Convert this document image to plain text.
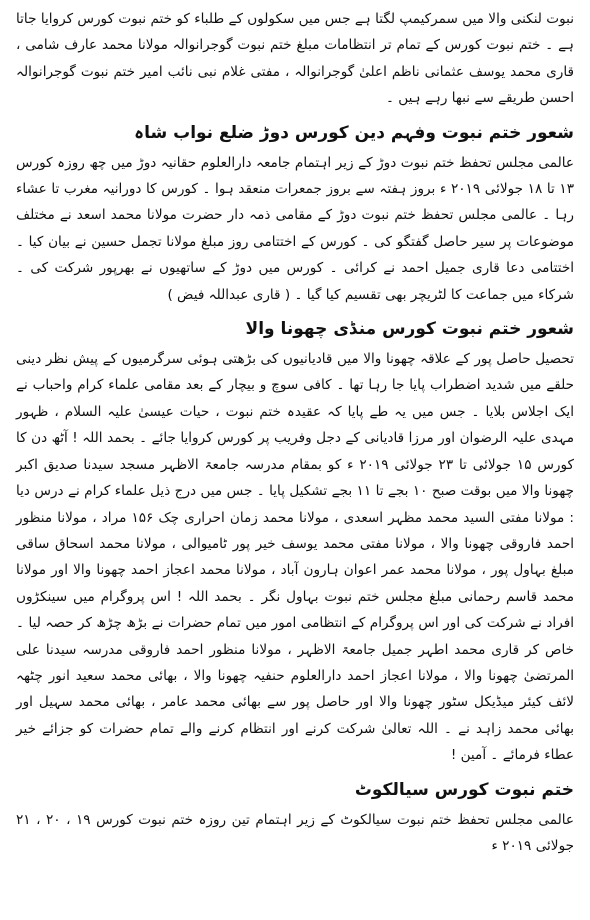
نبوت لنکنی والا میں سمرکیمپ لگتا ہے جس میں سکولوں کے طلباء کو ختم نبوت کورس کروایا جاتا ہے ۔ ختم نبوت کورس کے تمام تر انتظامات مبلغ ختم نبوت گوجرانوالہ مولانا محمد عارف شامی ، قاری محمد یوسف عثمانی ناظم اعلیٰ گوجرانوالہ ، مفتی غلام نبی نائب امیر ختم نبوت گوجرانوالہ احسن طریقے سے نبھا رہے ہیں ۔

شعور ختم نبوت وفہم دین کورس دوڑ ضلع نواب شاہ

عالمی مجلس تحفظ ختم نبوت دوڑ کے زیر اہتمام جامعہ دارالعلوم حقانیہ دوڑ میں چھ روزہ کورس ۱۳ تا ۱۸ جولائی ۲۰۱۹ ء بروز ہفتہ سے بروز جمعرات منعقد ہوا ۔ کورس کا دورانیہ مغرب تا عشاء رہا ۔ عالمی مجلس تحفظ ختم نبوت دوڑ کے مقامی ذمہ دار حضرت مولانا محمد اسعد نے مختلف موضوعات پر سیر حاصل گفتگو کی ۔ کورس کے اختتامی روز مبلغ مولانا تجمل حسین نے بیان کیا ۔ اختتامی دعا قاری جمیل احمد نے کرائی ۔ کورس میں دوڑ کے ساتھیوں نے بھرپور شرکت کی ۔ شرکاء میں جماعت کا لٹریچر بھی تقسیم کیا گیا ۔ ( قاری عبداللہ فیض )

شعور ختم نبوت کورس منڈی چھونا والا

تحصیل حاصل پور کے علاقہ چھونا والا میں قادیانیوں کی بڑھتی ہوئی سرگرمیوں کے پیش نظر دینی حلقے میں شدید اضطراب پایا جا رہا تھا ۔ کافی سوچ و بیچار کے بعد مقامی علماء کرام واحباب نے ایک اجلاس بلایا ۔ جس میں یہ طے پایا کہ عقیدہ ختم نبوت ، حیات عیسیٰ علیہ السلام ، ظہور مہدی علیہ الرضوان اور مرزا قادیانی کے دجل وفریب پر کورس کروایا جائے ۔ بحمد اللہ ! آٹھ دن کا کورس ۱۵ جولائی تا ۲۳ جولائی ۲۰۱۹ ء کو بمقام مدرسہ جامعۃ الاظہر مسجد سیدنا صدیق اکبر چھونا والا میں بوقت صبح ۱۰ بجے تا ۱۱ بجے تشکیل پایا ۔ جس میں درج ذیل علماء کرام نے درس دیا : مولانا مفتی السید محمد مظہر اسعدی ، مولانا محمد زمان احراری چک ۱۵۶ مراد ، مولانا منظور احمد فاروقی چھونا والا ، مولانا مفتی محمد یوسف خیر پور ٹامیوالی ، مولانا محمد اسحاق ساقی مبلغ بہاول پور ، مولانا محمد عمر اعوان ہارون آباد ، مولانا محمد اعجاز احمد چھونا والا اور مولانا محمد قاسم رحمانی مبلغ مجلس ختم نبوت بہاول نگر ۔ بحمد اللہ ! اس پروگرام میں سینکڑوں افراد نے شرکت کی اور اس پروگرام کے انتظامی امور میں تمام حضرات نے بڑھ چڑھ کر حصہ لیا ۔ خاص کر قاری محمد اطہر جمیل جامعۃ الاظہر ، مولانا منظور احمد فاروقی مدرسہ سیدنا علی المرتضیٰ چھونا والا ، مولانا اعجاز احمد دارالعلوم حنفیہ چھونا والا ، بھائی محمد سعید انور چٹھہ لائف کیئر میڈیکل سٹور چھونا والا اور حاصل پور سے بھائی محمد عامر ، بھائی محمد سہیل اور بھائی محمد زاہد نے ۔ اللہ تعالیٰ شرکت کرنے اور انتظام کرنے والے تمام حضرات کو جزائے خیر عطاء فرمائے ۔ آمین !

ختم نبوت کورس سیالکوٹ

عالمی مجلس تحفظ ختم نبوت سیالکوٹ کے زیر اہتمام تین روزہ ختم نبوت کورس ۱۹ ، ۲۰ ، ۲۱ جولائی ۲۰۱۹ ء
